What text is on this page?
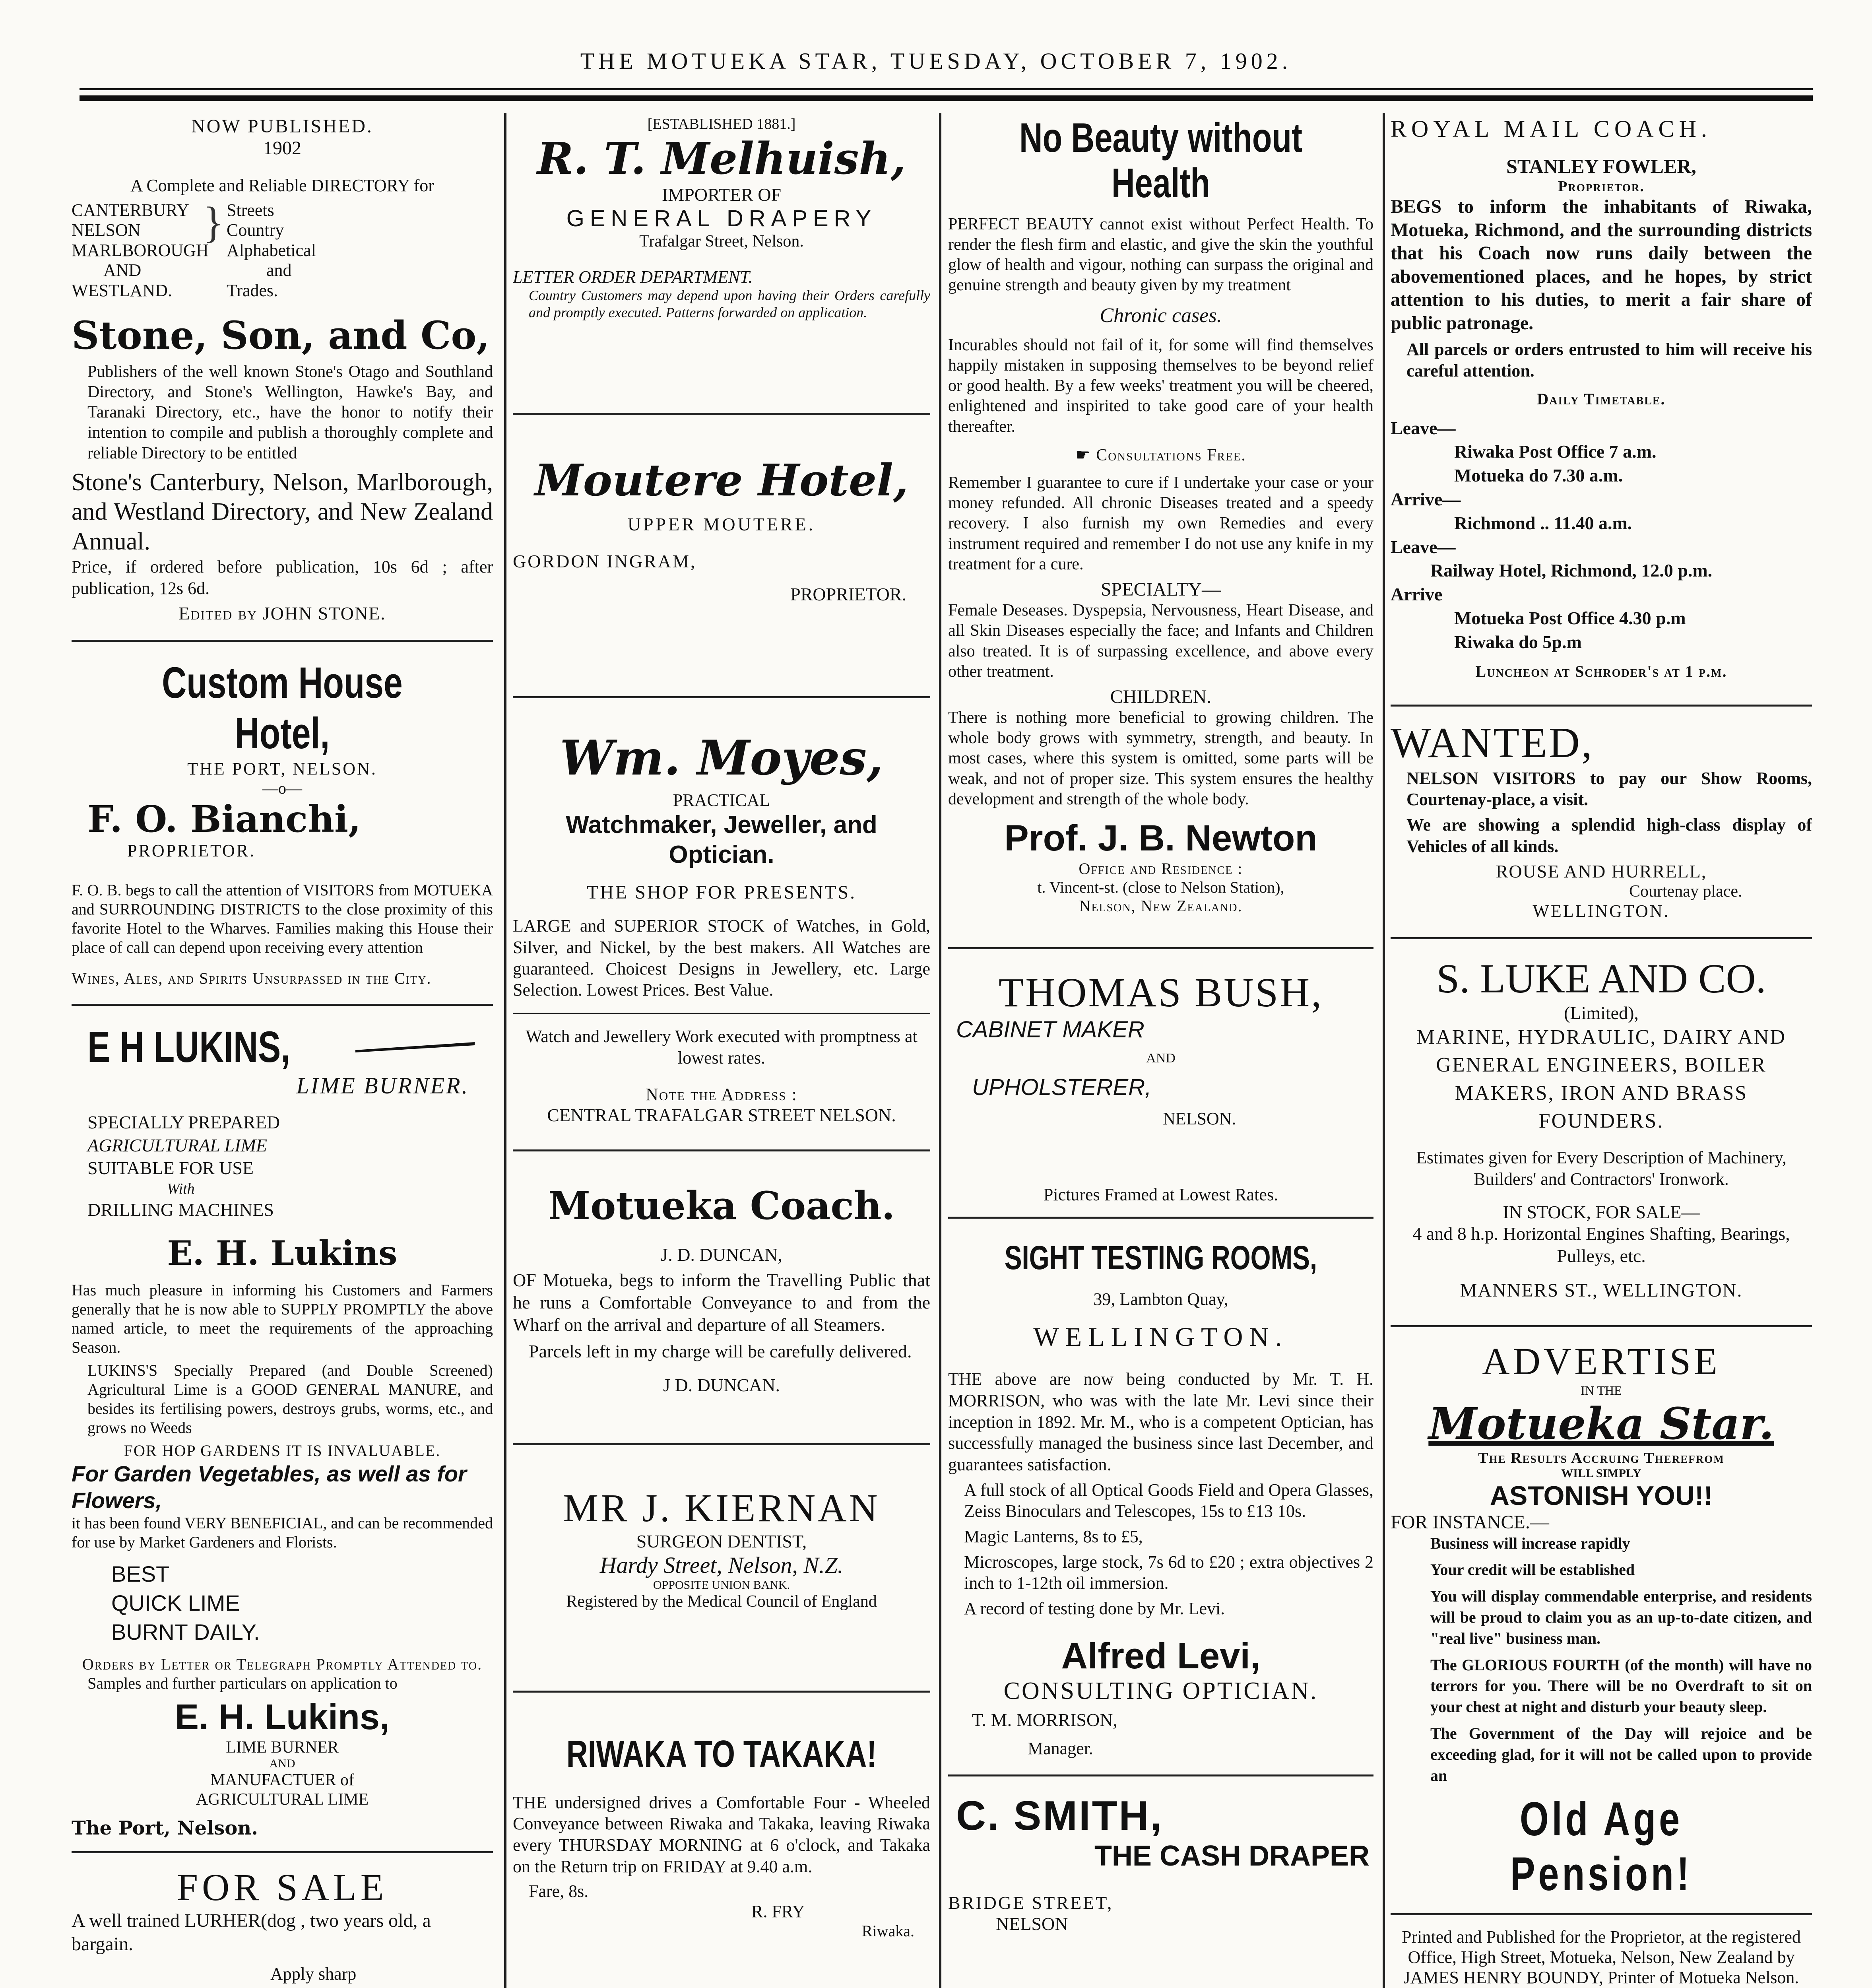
THE MOTUEKA STAR, TUESDAY, OCTOBER 7, 1902.
NOW PUBLISHED.
1902
A Complete and Reliable DIRECTORY for
CANTERBURY
NELSON
MARLBOROUGH
AND
WESTLAND.
} Streets
Country
Alphabetical
and
Trades.
Stone, Son, and Co,
Publishers of the well known Stone's Otago and Southland Directory, and Stone's Wellington, Hawke's Bay, and Taranaki Directory, etc., have the honor to notify their intention to compile and publish a thoroughly complete and reliable Directory to be entitled
Stone's Canterbury, Nelson, Marlborough, and Westland Directory, and New Zealand Annual.
Price, if ordered before publication, 10s 6d ; after publication, 12s 6d.
Edited by JOHN STONE.
Custom House Hotel,
THE PORT, NELSON.
—o—
F. O. Bianchi,
PROPRIETOR.
F. O. B. begs to call the attention of VISITORS from MOTUEKA and SURROUNDING DISTRICTS to the close proximity of this favorite Hotel to the Wharves. Families making this House their place of call can depend upon receiving every attention
Wines, Ales, and Spirits Unsurpassed in the City.
E H LUKINS,
LIME BURNER.
SPECIALLY PREPARED
AGRICULTURAL LIME
SUITABLE FOR USE
With
DRILLING MACHINES
E. H. Lukins
Has much pleasure in informing his Customers and Farmers generally that he is now able to SUPPLY PROMPTLY the above named article, to meet the requirements of the approaching Season.
LUKINS'S Specially Prepared (and Double Screened) Agricultural Lime is a GOOD GENERAL MANURE, and besides its fertilising powers, destroys grubs, worms, etc., and grows no Weeds
FOR HOP GARDENS IT IS INVALUABLE.
For Garden Vegetables, as well as for Flowers,
it has been found VERY BENEFICIAL, and can be recommended for use by Market Gardeners and Florists.
BEST
QUICK LIME
BURNT DAILY.
Orders by Letter or Telegraph Promptly Attended to.
Samples and further particulars on application to
E. H. Lukins,
LIME BURNER
AND
MANUFACTUER of
AGRICULTURAL LIME
The Port, Nelson.
FOR SALE
A well trained LURHER(dog , two years old, a bargain.
Apply sharp
[ESTABLISHED 1881.]
R. T. Melhuish,
IMPORTER OF
GENERAL DRAPERY
Trafalgar Street, Nelson.
LETTER ORDER DEPARTMENT.
Country Customers may depend upon having their Orders carefully and promptly executed. Patterns forwarded on application.
Moutere Hotel,
UPPER MOUTERE.
GORDON INGRAM,
PROPRIETOR.
Wm. Moyes,
PRACTICAL
Watchmaker, Jeweller, and Optician.
THE SHOP FOR PRESENTS.
LARGE and SUPERIOR STOCK of Watches, in Gold, Silver, and Nickel, by the best makers. All Watches are guaranteed. Choicest Designs in Jewellery, etc. Large Selection. Lowest Prices. Best Value.
Watch and Jewellery Work executed with promptness at lowest rates.
Note the Address :
CENTRAL TRAFALGAR STREET NELSON.
Motueka Coach.
J. D. DUNCAN,
OF Motueka, begs to inform the Travelling Public that he runs a Comfortable Conveyance to and from the Wharf on the arrival and departure of all Steamers.
Parcels left in my charge will be carefully delivered.
J D. DUNCAN.
MR J. KIERNAN
SURGEON DENTIST,
Hardy Street, Nelson, N.Z.
OPPOSITE UNION BANK.
Registered by the Medical Council of England
RIWAKA TO TAKAKA!
THE undersigned drives a Comfortable Four - Wheeled Conveyance between Riwaka and Takaka, leaving Riwaka every THURSDAY MORNING at 6 o'clock, and Takaka on the Return trip on FRIDAY at 9.40 a.m.
Fare, 8s.
R. FRY
Riwaka.
No Beauty without Health
PERFECT BEAUTY cannot exist without Perfect Health. To render the flesh firm and elastic, and give the skin the youthful glow of health and vigour, nothing can surpass the original and genuine strength and beauty given by my treatment
Chronic cases.
Incurables should not fail of it, for some will find themselves happily mistaken in supposing themselves to be beyond relief or good health. By a few weeks' treatment you will be cheered, enlightened and inspirited to take good care of your health thereafter.
☛ Consultations Free.
Remember I guarantee to cure if I undertake your case or your money refunded. All chronic Diseases treated and a speedy recovery. I also furnish my own Remedies and every instrument required and remember I do not use any knife in my treatment for a cure.
SPECIALTY—
Female Deseases. Dyspepsia, Nervousness, Heart Disease, and all Skin Diseases especially the face; and Infants and Children also treated. It is of surpassing excellence, and above every other treatment.
CHILDREN.
There is nothing more beneficial to growing children. The whole body grows with symmetry, strength, and beauty. In most cases, where this system is omitted, some parts will be weak, and not of proper size. This system ensures the healthy development and strength of the whole body.
Prof. J. B. Newton
Office and Residence :
t. Vincent-st. (close to Nelson Station),
Nelson, New Zealand.
THOMAS BUSH,
CABINET MAKER
AND
UPHOLSTERER,
NELSON.
Pictures Framed at Lowest Rates.
SIGHT TESTING ROOMS,
39, Lambton Quay,
WELLINGTON.
THE above are now being conducted by Mr. T. H. MORRISON, who was with the late Mr. Levi since their inception in 1892. Mr. M., who is a competent Optician, has successfully managed the business since last December, and guarantees satisfaction.
A full stock of all Optical Goods Field and Opera Glasses, Zeiss Binoculars and Telescopes, 15s to £13 10s.
Magic Lanterns, 8s to £5,
Microscopes, large stock, 7s 6d to £20 ; extra objectives 2 inch to 1-12th oil immersion.
A record of testing done by Mr. Levi.
Alfred Levi,
CONSULTING OPTICIAN.
T. M. MORRISON,
Manager.
C. SMITH,
THE CASH DRAPER
BRIDGE STREET,
NELSON
ROYAL MAIL COACH.
STANLEY FOWLER,
Proprietor.
BEGS to inform the inhabitants of Riwaka, Motueka, Richmond, and the surrounding districts that his Coach now runs daily between the abovementioned places, and he hopes, by strict attention to his duties, to merit a fair share of public patronage.
All parcels or orders entrusted to him will receive his careful attention.
Daily Timetable.
Leave—
Riwaka Post Office 7 a.m.
Motueka do 7.30 a.m.
Arrive—
Richmond .. 11.40 a.m.
Leave—
Railway Hotel, Richmond, 12.0 p.m.
Arrive
Motueka Post Office 4.30 p.m
Riwaka do 5p.m
Luncheon at Schroder's at 1 p.m.
WANTED,
NELSON VISITORS to pay our Show Rooms, Courtenay-place, a visit.
We are showing a splendid high-class display of Vehicles of all kinds.
ROUSE AND HURRELL,
Courtenay place.
WELLINGTON.
S. LUKE AND CO.
(Limited),
MARINE, HYDRAULIC, DAIRY AND GENERAL ENGINEERS, BOILER MAKERS, IRON AND BRASS FOUNDERS.
Estimates given for Every Description of Machinery, Builders' and Contractors' Ironwork.
IN STOCK, FOR SALE—
4 and 8 h.p. Horizontal Engines Shafting, Bearings, Pulleys, etc.
MANNERS ST., WELLINGTON.
ADVERTISE
IN THE
Motueka Star.
The Results Accruing Therefrom
WILL SIMPLY
ASTONISH YOU!!
FOR INSTANCE.—
Business will increase rapidly
Your credit will be established
You will display commendable enterprise, and residents will be proud to claim you as an up-to-date citizen, and "real live" business man.
The GLORIOUS FOURTH (of the month) will have no terrors for you. There will be no Overdraft to sit on your chest at night and disturb your beauty sleep.
The Government of the Day will rejoice and be exceeding glad, for it will not be called upon to provide an
Old Age Pension!
Printed and Published for the Proprietor, at the registered Office, High Street, Motueka, Nelson, New Zealand by JAMES HENRY BOUNDY, Printer of Motueka Nelson.
